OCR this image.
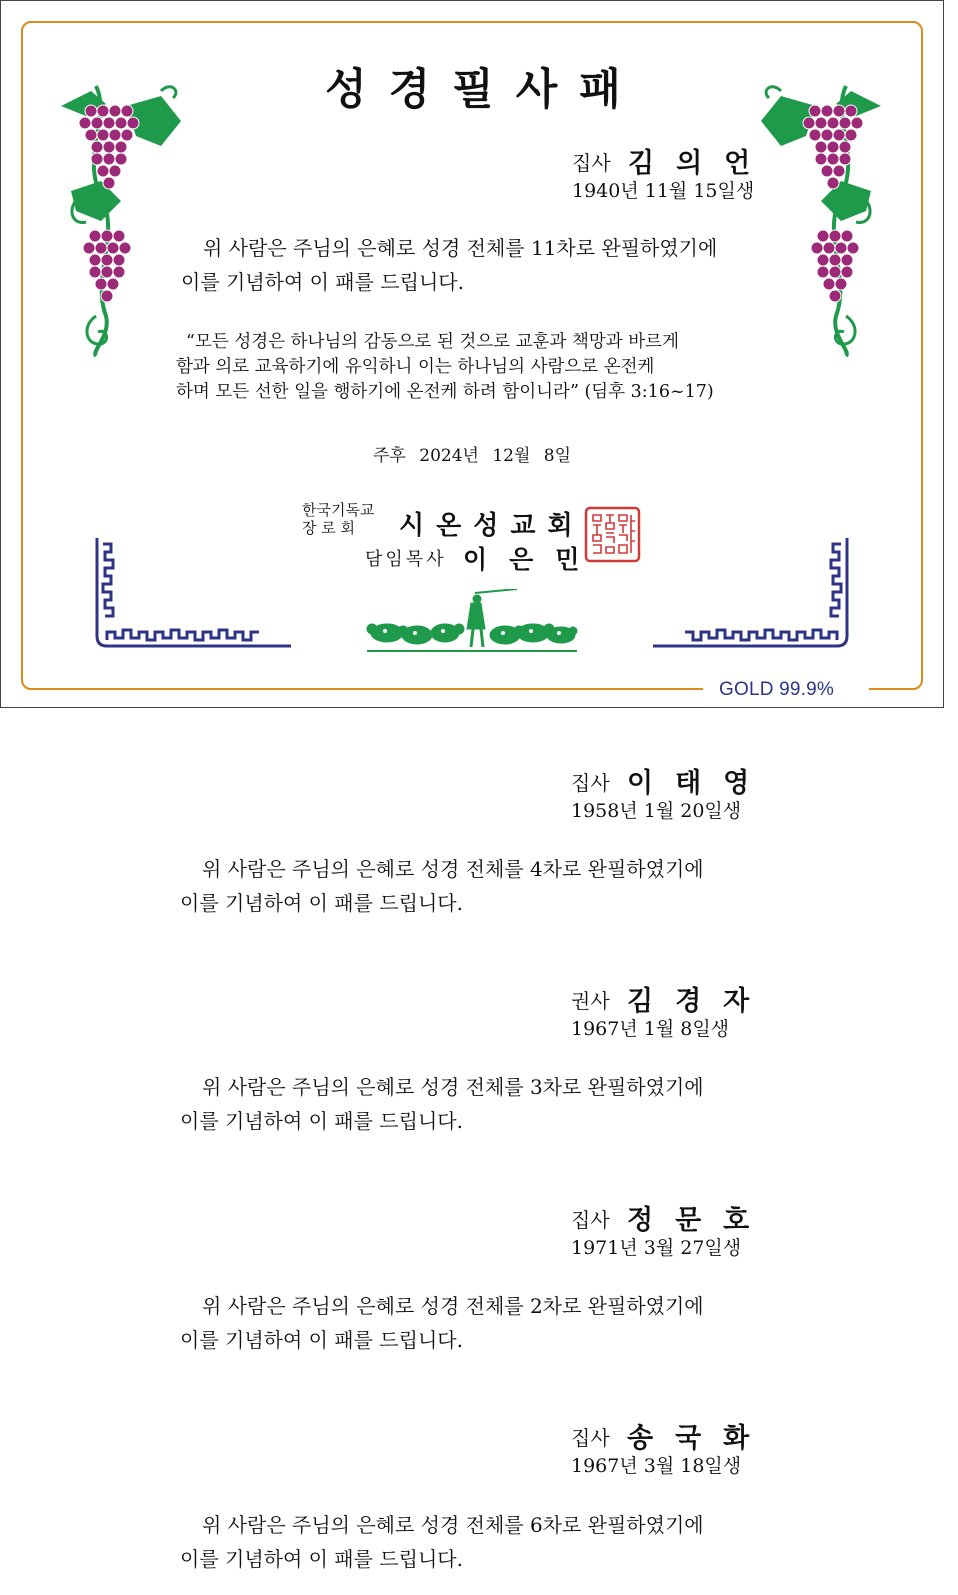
GOLD 99.9%
성경필사패
집사 김의언
1940년 11월 15일생
위 사람은 주님의 은혜로 성경 전체를 11차로 완필하였기에
이를 기념하여 이 패를 드립니다.
“모든 성경은 하나님의 감동으로 된 것으로 교훈과 책망과 바르게
함과 의로 교육하기에 유익하니 이는 하나님의 사람으로 온전케
하며 모든 선한 일을 행하기에 온전케 하려 함이니라” (딤후 3:16~17)
주후 2024년 12월 8일
한국기독교
장 로 회	시온성교회
담임목사 이은민
집사 이태영
1958년 1월 20일생
위 사람은 주님의 은혜로 성경 전체를 4차로 완필하였기에
이를 기념하여 이 패를 드립니다.
권사 김경자
1967년 1월 8일생
위 사람은 주님의 은혜로 성경 전체를 3차로 완필하였기에
이를 기념하여 이 패를 드립니다.
집사 정문호
1971년 3월 27일생
위 사람은 주님의 은혜로 성경 전체를 2차로 완필하였기에
이를 기념하여 이 패를 드립니다.
집사 송국화
1967년 3월 18일생
위 사람은 주님의 은혜로 성경 전체를 6차로 완필하였기에
이를 기념하여 이 패를 드립니다.
